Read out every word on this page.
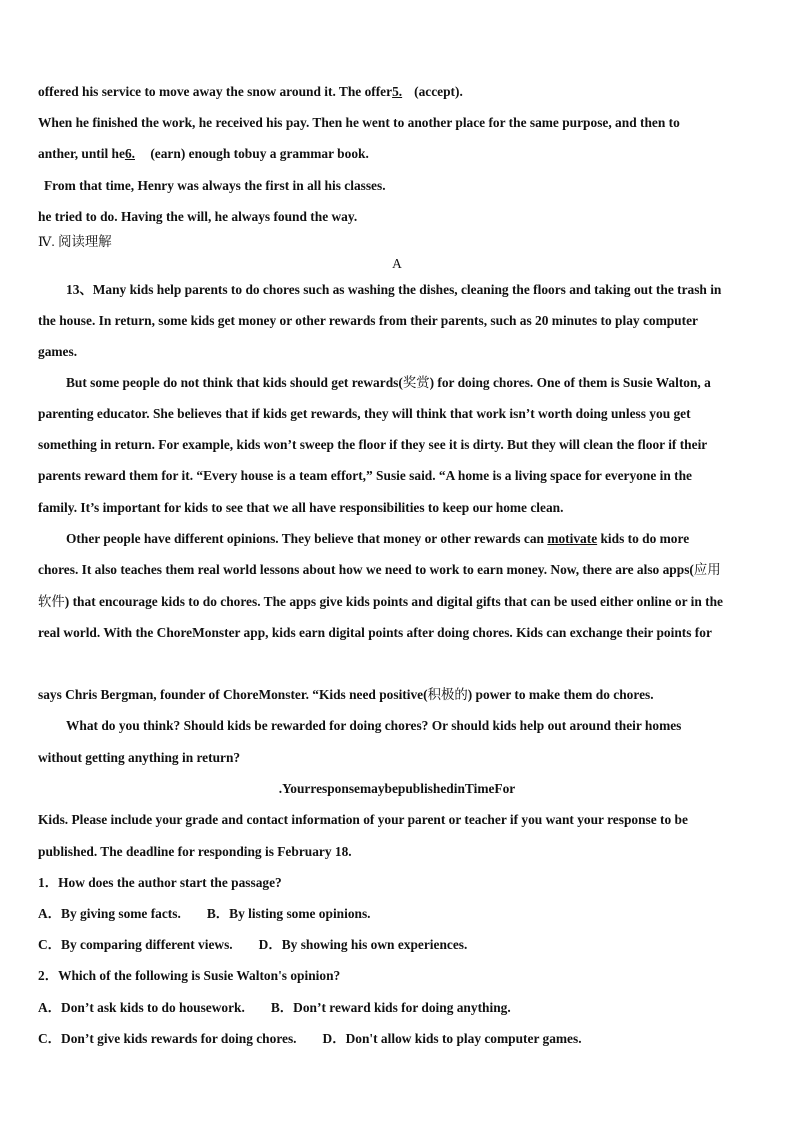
offered his service to move away the snow around it. The offer5. (accept).
When he finished the work, he received his pay. Then he went to another place for the same purpose, and then to
anther, until he6. (earn) enough tobuy a grammar book.
From that time, Henry was always the first in all his classes.
he tried to do. Having the will, he always found the way.
Ⅳ. 阅读理解
A
13、Many kids help parents to do chores such as washing the dishes, cleaning the floors and taking out the trash in
the house. In return, some kids get money or other rewards from their parents, such as 20 minutes to play computer
games.
But some people do not think that kids should get rewards(奖赏) for doing chores. One of them is Susie Walton, a
parenting educator. She believes that if kids get rewards, they will think that work isn’t worth doing unless you get
something in return. For example, kids won’t sweep the floor if they see it is dirty. But they will clean the floor if their
parents reward them for it. “Every house is a team effort,” Susie said. “A home is a living space for everyone in the
family. It’s important for kids to see that we all have responsibilities to keep our home clean.
Other people have different opinions. They believe that money or other rewards can motivate kids to do more
chores. It also teaches them real world lessons about how we need to work to earn money. Now, there are also apps(应用
软件) that encourage kids to do chores. The apps give kids points and digital gifts that can be used either online or in the
real world. With the ChoreMonster app, kids earn digital points after doing chores. Kids can exchange their points for
says Chris Bergman, founder of ChoreMonster. “Kids need positive(积极的) power to make them do chores.
What do you think? Should kids be rewarded for doing chores? Or should kids help out around their homes
without getting anything in return?
.YourresponsemaybepublishedinTimeFor
Kids. Please include your grade and contact information of your parent or teacher if you want your response to be
published. The deadline for responding is February 18.
1．How does the author start the passage?
A．By giving some facts. B．By listing some opinions.
C．By comparing different views. D．By showing his own experiences.
2．Which of the following is Susie Walton's opinion?
A．Don’t ask kids to do housework. B．Don’t reward kids for doing anything.
C．Don’t give kids rewards for doing chores. D．Don't allow kids to play computer games.
